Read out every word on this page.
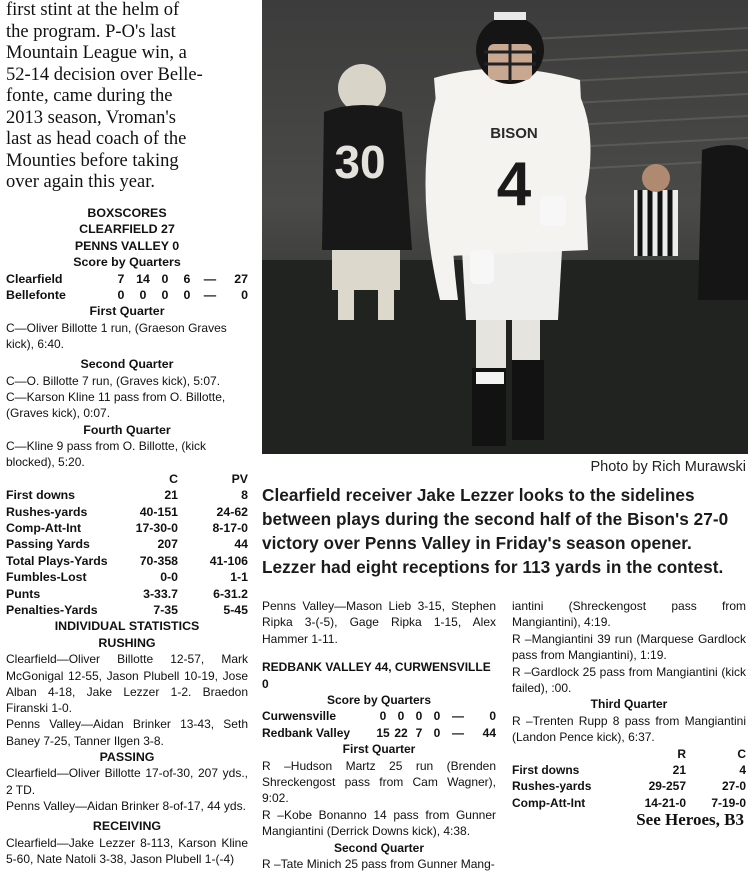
first stint at the helm of
the program. P-O's last
Mountain League win, a
52-14 decision over Belle-
fonte, came during the
2013 season, Vroman's
last as head coach of the
Mounties before taking
over again this year.
BOXSCORES
CLEARFIELD 27
PENNS VALLEY 0
Score by Quarters
Clearfield	7 14 0	6	—	27
Bellefonte	0	0	0	0	—	0
First Quarter
C—Oliver Billotte 1 run, (Graeson Graves kick), 6:40.
Second Quarter
C—O. Billotte 7 run, (Graves kick), 5:07.
C—Karson Kline 11 pass from O. Billotte, (Graves kick), 0:07.
Fourth Quarter
C—Kline 9 pass from O. Billotte, (kick blocked), 5:20.
	C	PV
First downs	21	8
Rushes-yards	40-151	24-62
Comp-Att-Int	17-30-0	8-17-0
Passing Yards	207	44
Total Plays-Yards	70-358	41-106
Fumbles-Lost	0-0	1-1
Punts	3-33.7	6-31.2
Penalties-Yards	7-35	5-45
INDIVIDUAL STATISTICS
RUSHING
Clearfield—Oliver Billotte 12-57, Mark McGonigal 12-55, Jason Plubell 10-19, Jose Alban 4-18, Jake Lezzer 1-2. Braedon Firanski 1-0.
Penns Valley—Aidan Brinker 13-43, Seth Baney 7-25, Tanner Ilgen 3-8.
PASSING
Clearfield—Oliver Billotte 17-of-30, 207 yds., 2 TD.
Penns Valley—Aidan Brinker 8-of-17, 44 yds.
RECEIVING
Clearfield—Jake Lezzer 8-113, Karson Kline 5-60, Nate Natoli 3-38, Jason Plubell 1-(-4)
30
BISON
4
Photo by Rich Murawski
Clearfield receiver Jake Lezzer looks to the sidelines between plays during the second half of the Bison's 27-0 victory over Penns Valley in Friday's season opener. Lezzer had eight receptions for 113 yards in the contest.
Penns Valley—Mason Lieb 3-15, Stephen Ripka 3-(-5), Gage Ripka 1-15, Alex Hammer 1-11.
REDBANK VALLEY 44, CURWENSVILLE 0
Score by Quarters
Curwensville	0 0 0 0 —	0
Redbank Valley	15 22 7 0 —	44
First Quarter
R –Hudson Martz 25 run (Brenden Shreckengost pass from Cam Wagner), 9:02.
R –Kobe Bonanno 14 pass from Gunner Mangiantini (Derrick Downs kick), 4:38.
Second Quarter
R –Tate Minich 25 pass from Gunner Mang-
iantini (Shreckengost pass from Mangiantini), 4:19.
R –Mangiantini 39 run (Marquese Gardlock pass from Mangiantini), 1:19.
R –Gardlock 25 pass from Mangiantini (kick failed), :00.
Third Quarter
R –Trenten Rupp 8 pass from Mangiantini (Landon Pence kick), 6:37.
R	C
First downs	21	4
Rushes-yards	29-257	27-0
Comp-Att-Int	14-21-0	7-19-0
See Heroes, B3
